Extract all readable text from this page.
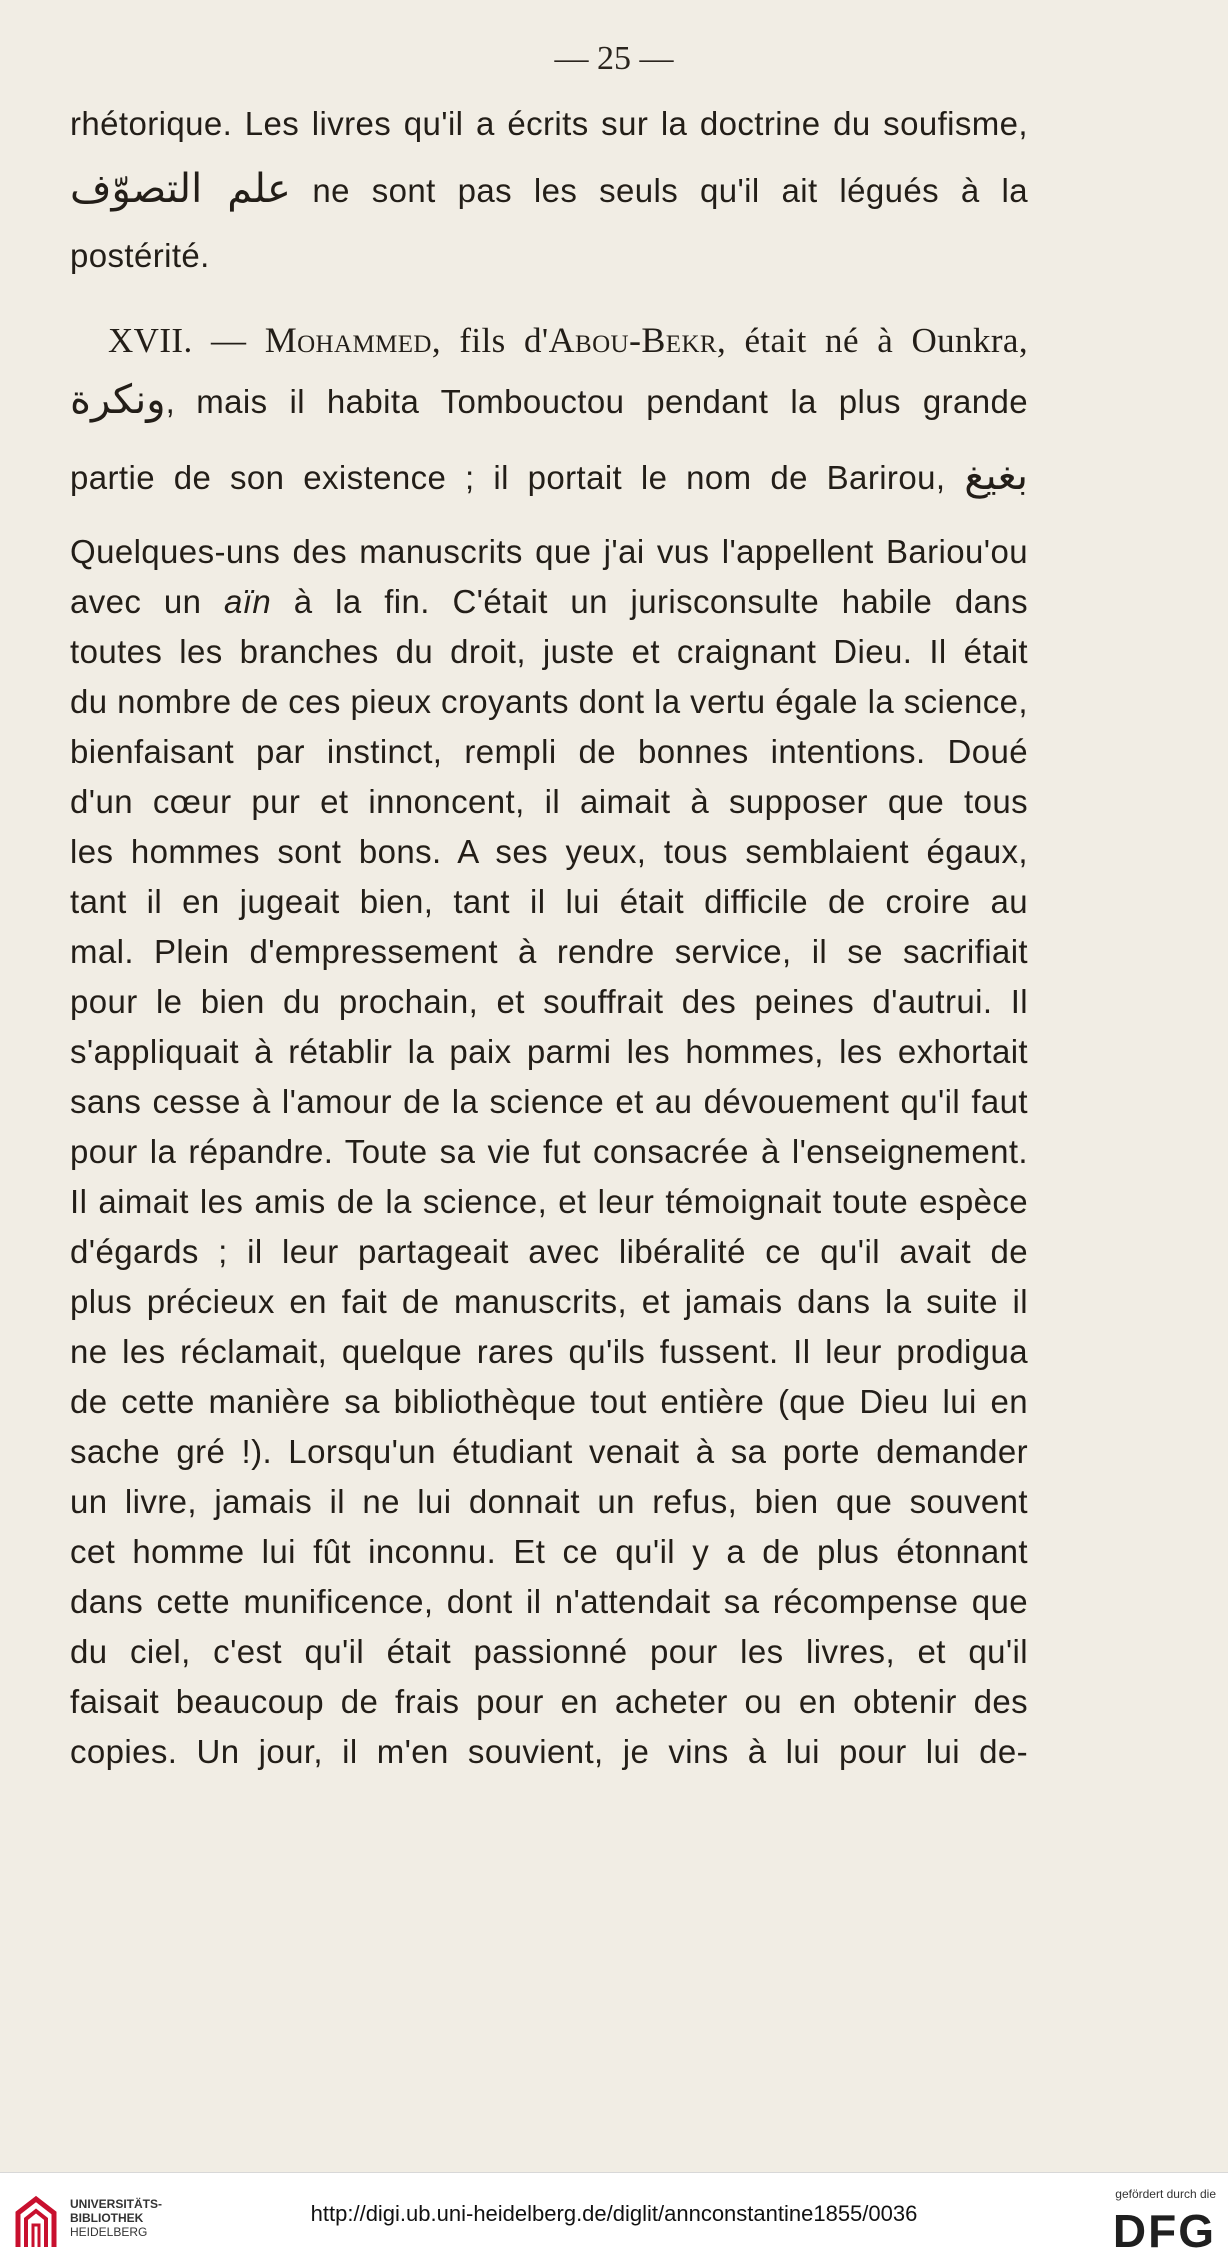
— 25 —
rhétorique. Les livres qu'il a écrits sur la doctrine du soufisme,
علم التصوّف ne sont pas les seuls qu'il ait légués à la
postérité.
XVII. — Mohammed, fils d'Abou-Bekr, était né à Ounkra,
ونكرة, mais il habita Tombouctou pendant la plus grande
partie de son existence ; il portait le nom de Barirou, بغيغ
Quelques-uns des manuscrits que j'ai vus l'appellent Bariou'ou
avec un aïn à la fin. C'était un jurisconsulte habile dans
toutes les branches du droit, juste et craignant Dieu. Il était
du nombre de ces pieux croyants dont la vertu égale la science,
bienfaisant par instinct, rempli de bonnes intentions. Doué
d'un cœur pur et innoncent, il aimait à supposer que tous
les hommes sont bons. A ses yeux, tous semblaient égaux,
tant il en jugeait bien, tant il lui était difficile de croire au
mal. Plein d'empressement à rendre service, il se sacrifiait
pour le bien du prochain, et souffrait des peines d'autrui. Il
s'appliquait à rétablir la paix parmi les hommes, les exhortait
sans cesse à l'amour de la science et au dévouement qu'il faut
pour la répandre. Toute sa vie fut consacrée à l'enseignement.
Il aimait les amis de la science, et leur témoignait toute espèce
d'égards ; il leur partageait avec libéralité ce qu'il avait de
plus précieux en fait de manuscrits, et jamais dans la suite il
ne les réclamait, quelque rares qu'ils fussent. Il leur prodigua
de cette manière sa bibliothèque tout entière (que Dieu lui en
sache gré !). Lorsqu'un étudiant venait à sa porte demander
un livre, jamais il ne lui donnait un refus, bien que souvent
cet homme lui fût inconnu. Et ce qu'il y a de plus étonnant
dans cette munificence, dont il n'attendait sa récompense que
du ciel, c'est qu'il était passionné pour les livres, et qu'il
faisait beaucoup de frais pour en acheter ou en obtenir des
copies. Un jour, il m'en souvient, je vins à lui pour lui de-
UNIVERSITÄTS-
BIBLIOTHEK
HEIDELBERG
http://digi.ub.uni-heidelberg.de/diglit/annconstantine1855/0036
gefördert durch die
DFG
